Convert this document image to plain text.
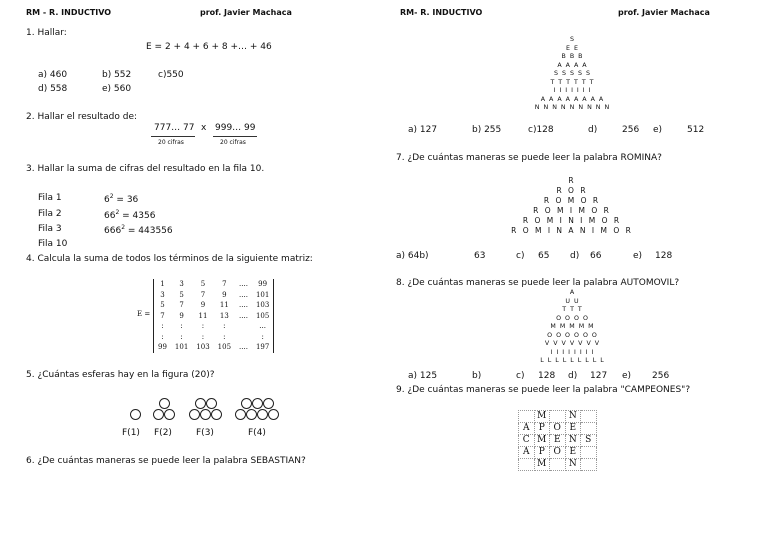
RM - R. INDUCTIVO	prof. Javier Machaca
1. Hallar:
E = 2 + 4 + 6 + 8 +… + 46
a) 460	b) 552	c)550
d) 558	e) 560
2. Hallar el resultado de:
777… 77 x 999… 99
20 cifras	20 cifras
3. Hallar la suma de cifras del resultado en la fila 10.
Fila 1	$6^2 = 36$
Fila 2	$66^2 = 4356$
Fila 3	$666^2 = 443556$
Fila 10
4. Calcula la suma de todos los términos de la siguiente matriz:
E =
1	3	5	7	....	99
3	5	7	9	....	101
5	7	9	11	....	103
7	9	11	13	....	105
:	:	:	:		...
:	:	:	:		:
99	101	103	105	....	197
5. ¿Cuántas esferas hay en la figura (20)?
F(1) F(2)	F(3)	F(4)
6. ¿De cuántas maneras se puede leer la palabra SEBASTIAN?
RM- R. INDUCTIVO	prof. Javier Machaca
S
E  E
B  B  B
A  A  A  A
S  S  S  S  S
T  T  T  T  T  T
I  I  I  I  I  I  I
A  A  A  A  A  A  A  A
N  N  N  N  N  N  N  N  N
a) 127	b) 255	c)128	d)	256 e)	512
7. ¿De cuántas maneras se puede leer la palabra ROMINA?
R
R O R
R O M O R
R O M I M O R
R O M I N I M O R
R O M I N A N I M O R
a) 64b)	63	c) 65 d) 66	e) 128
8. ¿De cuántas maneras se puede leer la palabra AUTOMOVIL?
A
U  U
T  T  T
O  O  O  O
M  M  M  M  M
O  O  O  O  O  O
V  V  V  V  V  V  V
I  I  I  I  I  I  I  I
L  L  L  L  L  L  L  L  L
a) 125	b)	c) 128 d) 127 e) 256
9. ¿De cuántas maneras se puede leer la palabra "CAMPEONES"?
	M		N	
A	P	O	E	
C	M	E	N	S
A	P	O	E	
	M		N	
